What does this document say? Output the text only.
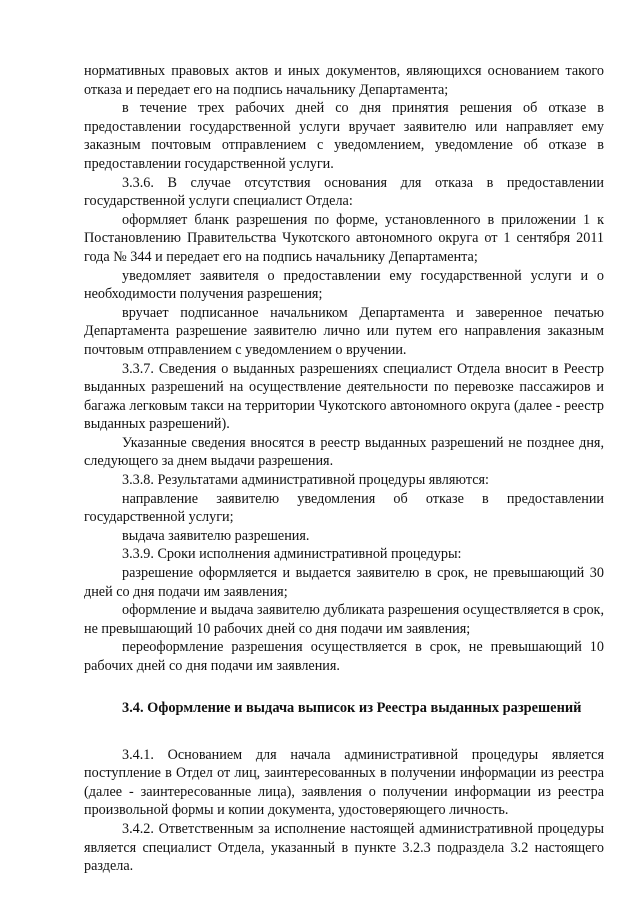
нормативных правовых актов и иных документов, являющихся основанием такого отказа и передает его на подпись начальнику Департамента;

в течение трех рабочих дней со дня принятия решения об отказе в предоставлении государственной услуги вручает заявителю или направляет ему заказным почтовым отправлением с уведомлением, уведомление об отказе в предоставлении государственной услуги.

3.3.6. В случае отсутствия основания для отказа в предоставлении государственной услуги специалист Отдела:

оформляет бланк разрешения по форме, установленного в приложении 1 к Постановлению Правительства Чукотского автономного округа от 1 сентября 2011 года № 344 и передает его на подпись начальнику Департамента;

уведомляет заявителя о предоставлении ему государственной услуги и о необходимости получения разрешения;

вручает подписанное начальником Департамента и заверенное печатью Департамента разрешение заявителю лично или путем его направления заказным почтовым отправлением с уведомлением о вручении.

3.3.7. Сведения о выданных разрешениях специалист Отдела вносит в Реестр выданных разрешений на осуществление деятельности по перевозке пассажиров и багажа легковым такси на территории Чукотского автономного округа (далее - реестр выданных разрешений).

Указанные сведения вносятся в реестр выданных разрешений не позднее дня, следующего за днем выдачи разрешения.

3.3.8. Результатами административной процедуры являются:

направление заявителю уведомления об отказе в предоставлении государственной услуги;

выдача заявителю разрешения.

3.3.9. Сроки исполнения административной процедуры:

разрешение оформляется и выдается заявителю в срок, не превышающий 30 дней со дня подачи им заявления;

оформление и выдача заявителю дубликата разрешения осуществляется в срок, не превышающий 10 рабочих дней со дня подачи им заявления;

переоформление разрешения осуществляется в срок, не превышающий 10 рабочих дней со дня подачи им заявления.

3.4. Оформление и выдача выписок из Реестра выданных разрешений

3.4.1. Основанием для начала административной процедуры является поступление в Отдел от лиц, заинтересованных в получении информации из реестра (далее - заинтересованные лица), заявления о получении информации из реестра произвольной формы и копии документа, удостоверяющего личность.

3.4.2. Ответственным за исполнение настоящей административной процедуры является специалист Отдела, указанный в пункте 3.2.3 подраздела 3.2 настоящего раздела.
